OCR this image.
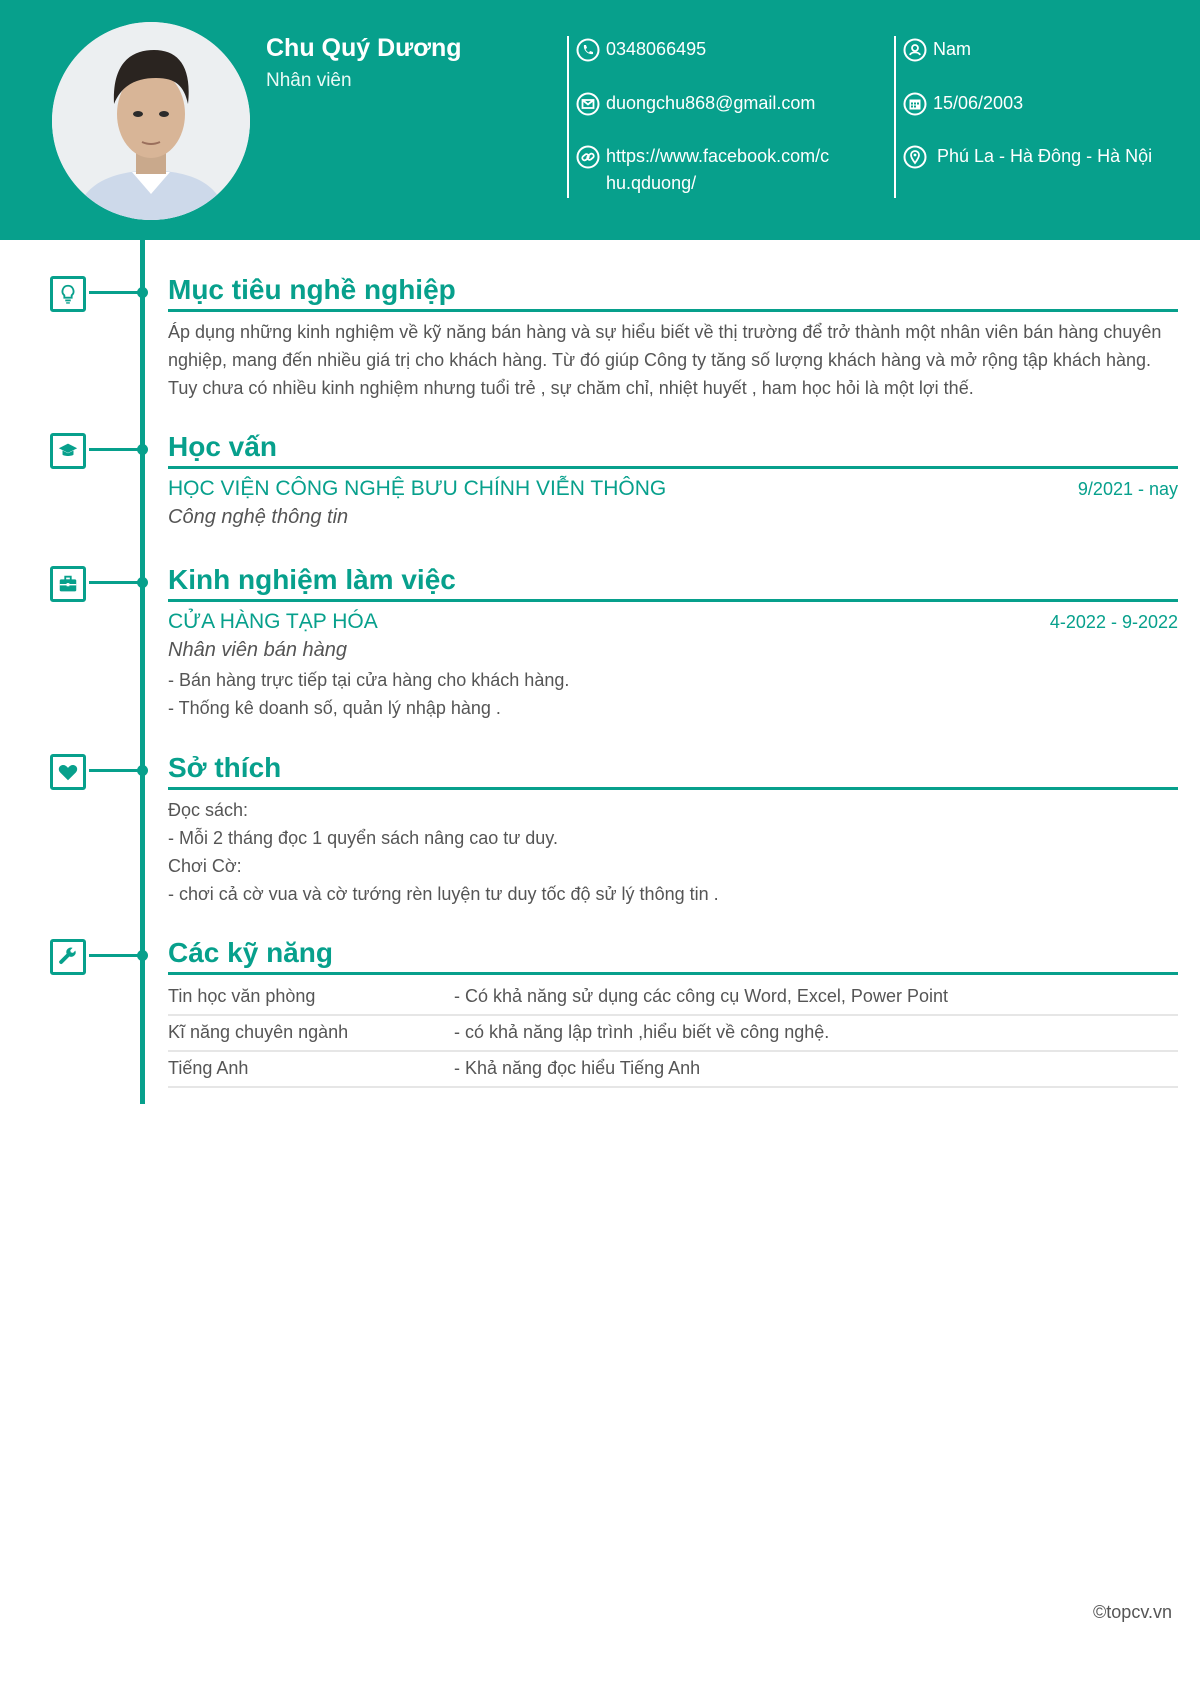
Chu Quý Dương
Nhân viên
0348066495
duongchu868@gmail.com
https://www.facebook.com/c
hu.qduong/
Nam
15/06/2003
Phú La - Hà Đông - Hà Nội
Mục tiêu nghề nghiệp
Áp dụng những kinh nghiệm về kỹ năng bán hàng và sự hiểu biết về thị trường để trở thành một nhân viên bán hàng chuyên
nghiệp, mang đến nhiều giá trị cho khách hàng. Từ đó giúp Công ty tăng số lượng khách hàng và mở rộng tập khách hàng.
Tuy chưa có nhiều kinh nghiệm nhưng tuổi trẻ , sự chăm chỉ, nhiệt huyết , ham học hỏi là một lợi thế.
Học vấn
HỌC VIỆN CÔNG NGHỆ BƯU CHÍNH VIỄN THÔNG	9/2021 - nay
Công nghệ thông tin
Kinh nghiệm làm việc
CỬA HÀNG TẠP HÓA	4-2022 - 9-2022
Nhân viên bán hàng
- Bán hàng trực tiếp tại cửa hàng cho khách hàng.
- Thống kê doanh số, quản lý nhập hàng .
Sở thích
Đọc sách:
- Mỗi 2 tháng đọc 1 quyển sách nâng cao tư duy.
Chơi Cờ:
- chơi cả cờ vua và cờ tướng rèn luyện tư duy tốc độ sử lý thông tin .
Các kỹ năng
Tin học văn phòng	- Có khả năng sử dụng các công cụ Word, Excel, Power Point
Kĩ năng chuyên ngành	- có khả năng lập trình ,hiểu biết về công nghệ.
Tiếng Anh	- Khả năng đọc hiểu Tiếng Anh
©topcv.vn
